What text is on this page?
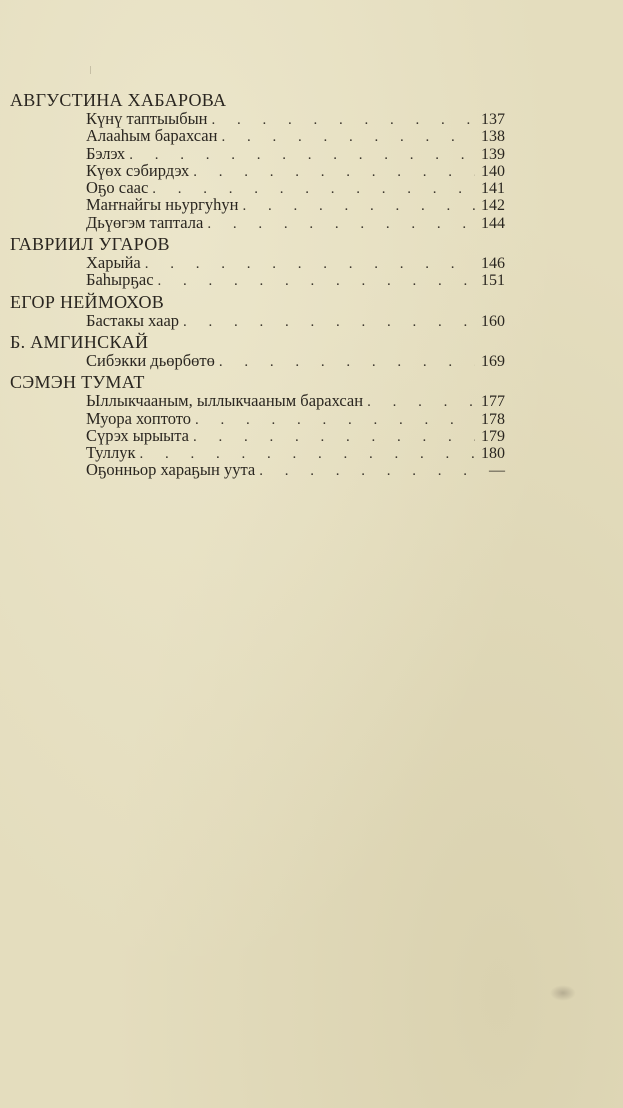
АВГУСТИНА ХАБАРОВА
Күнү таптыыбын . . .	137
Алааһым барахсан . . .	138
Бэлэх . . .	139
Күөх сэбирдэх . . .	140
Оҕо саас . . .	141
Маҥнайгы ньургуһун . . .	142
Дьүөгэм таптала . . .	144
ГАВРИИЛ УГАРОВ
Харыйа . . .	146
Баһырҕас . . .	151
ЕГОР НЕЙМОХОВ
Бастакы хаар . . .	160
Б. АМГИНСКАЙ
Сибэкки дьөрбөтө . . .	169
СЭМЭН ТУМАТ
Ыллыкчааным, ыллыкчааным барахсан . . .	177
Муора хоптото . . .	178
Сүрэх ырыыта . . .	179
Туллук . . .	180
Оҕонньор хараҕын уута . . .	—
